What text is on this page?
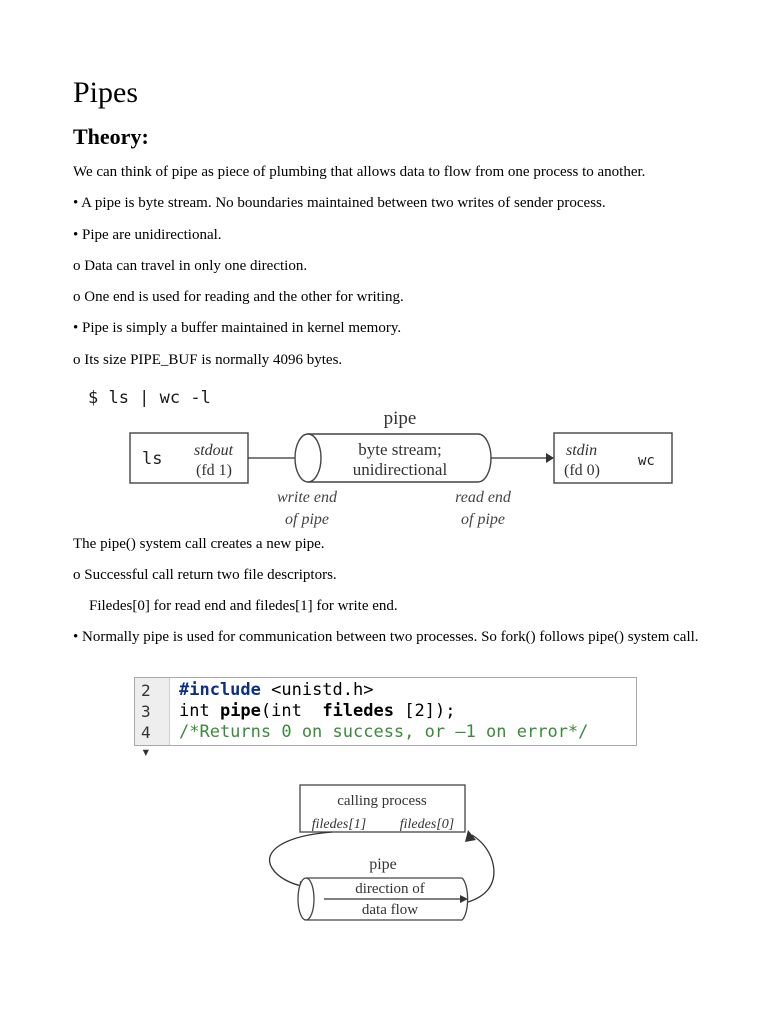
Pipes
Theory:
We can think of pipe as piece of plumbing that allows data to flow from one process to another.
• A pipe is byte stream. No boundaries maintained between two writes of sender process.
• Pipe are unidirectional.
o Data can travel in only one direction.
o One end is used for reading and the other for writing.
• Pipe is simply a buffer maintained in kernel memory.
o Its size PIPE_BUF is normally 4096 bytes.
$ ls | wc -l
pipe
ls stdout
(fd 1)
byte stream;
unidirectional
stdin
(fd 0)
wc
write end
of pipe
read end
of pipe
The pipe() system call creates a new pipe.
o Successful call return two file descriptors.
Filedes[0] for read end and filedes[1] for write end.
• Normally pipe is used for communication between two processes. So fork() follows pipe() system call.
2
3
4 ▾
#include <unistd.h>
int pipe(int  filedes [2]);
/*Returns 0 on success, or –1 on error*/
calling process
filedes[1] filedes[0]
pipe
direction of
data flow
